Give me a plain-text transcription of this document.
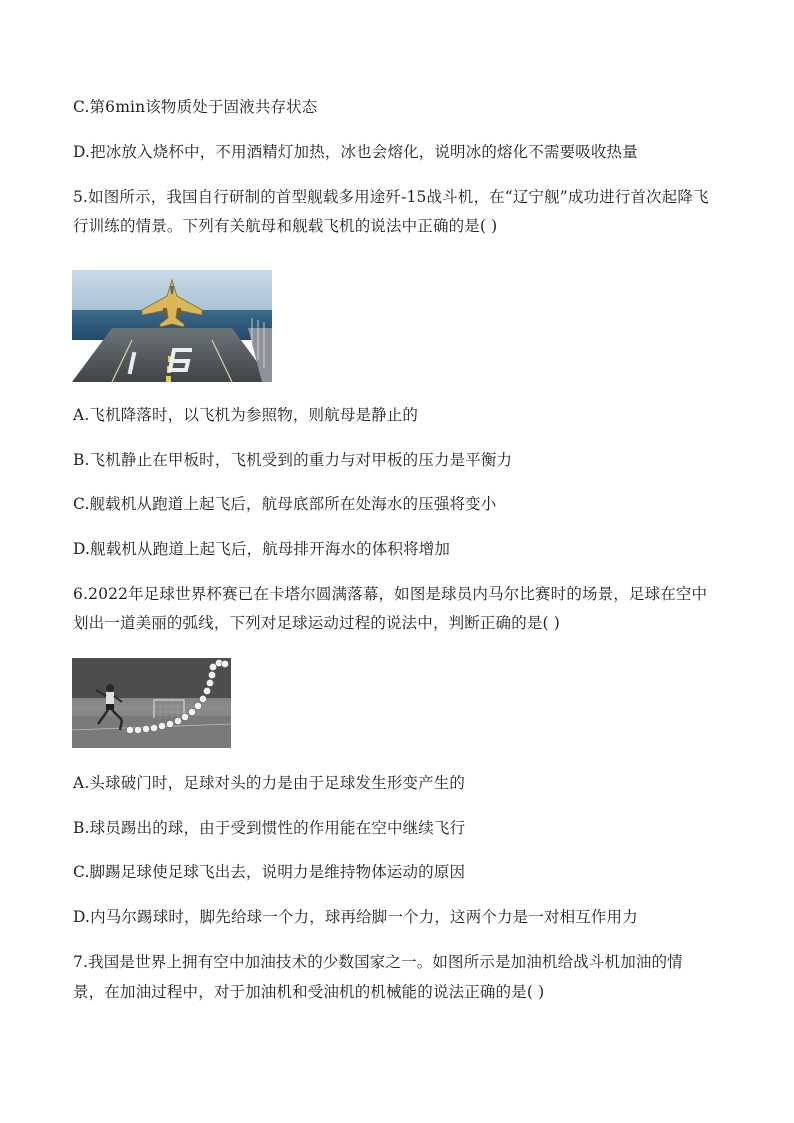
C.第6min该物质处于固液共存状态
D.把冰放入烧杯中，不用酒精灯加热，冰也会熔化，说明冰的熔化不需要吸收热量
5.如图所示，我国自行研制的首型舰载多用途歼-15战斗机，在“辽宁舰”成功进行首次起降飞
行训练的情景。下列有关航母和舰载飞机的说法中正确的是( )
A.飞机降落时，以飞机为参照物，则航母是静止的
B.飞机静止在甲板时，飞机受到的重力与对甲板的压力是平衡力
C.舰载机从跑道上起飞后，航母底部所在处海水的压强将变小
D.舰载机从跑道上起飞后，航母排开海水的体积将增加
6.2022年足球世界杯赛已在卡塔尔圆满落幕，如图是球员内马尔比赛时的场景，足球在空中
划出一道美丽的弧线，下列对足球运动过程的说法中，判断正确的是( )
A.头球破门时，足球对头的力是由于足球发生形变产生的
B.球员踢出的球，由于受到惯性的作用能在空中继续飞行
C.脚踢足球使足球飞出去，说明力是维持物体运动的原因
D.内马尔踢球时，脚先给球一个力，球再给脚一个力，这两个力是一对相互作用力
7.我国是世界上拥有空中加油技术的少数国家之一。如图所示是加油机给战斗机加油的情
景，在加油过程中，对于加油机和受油机的机械能的说法正确的是( )
